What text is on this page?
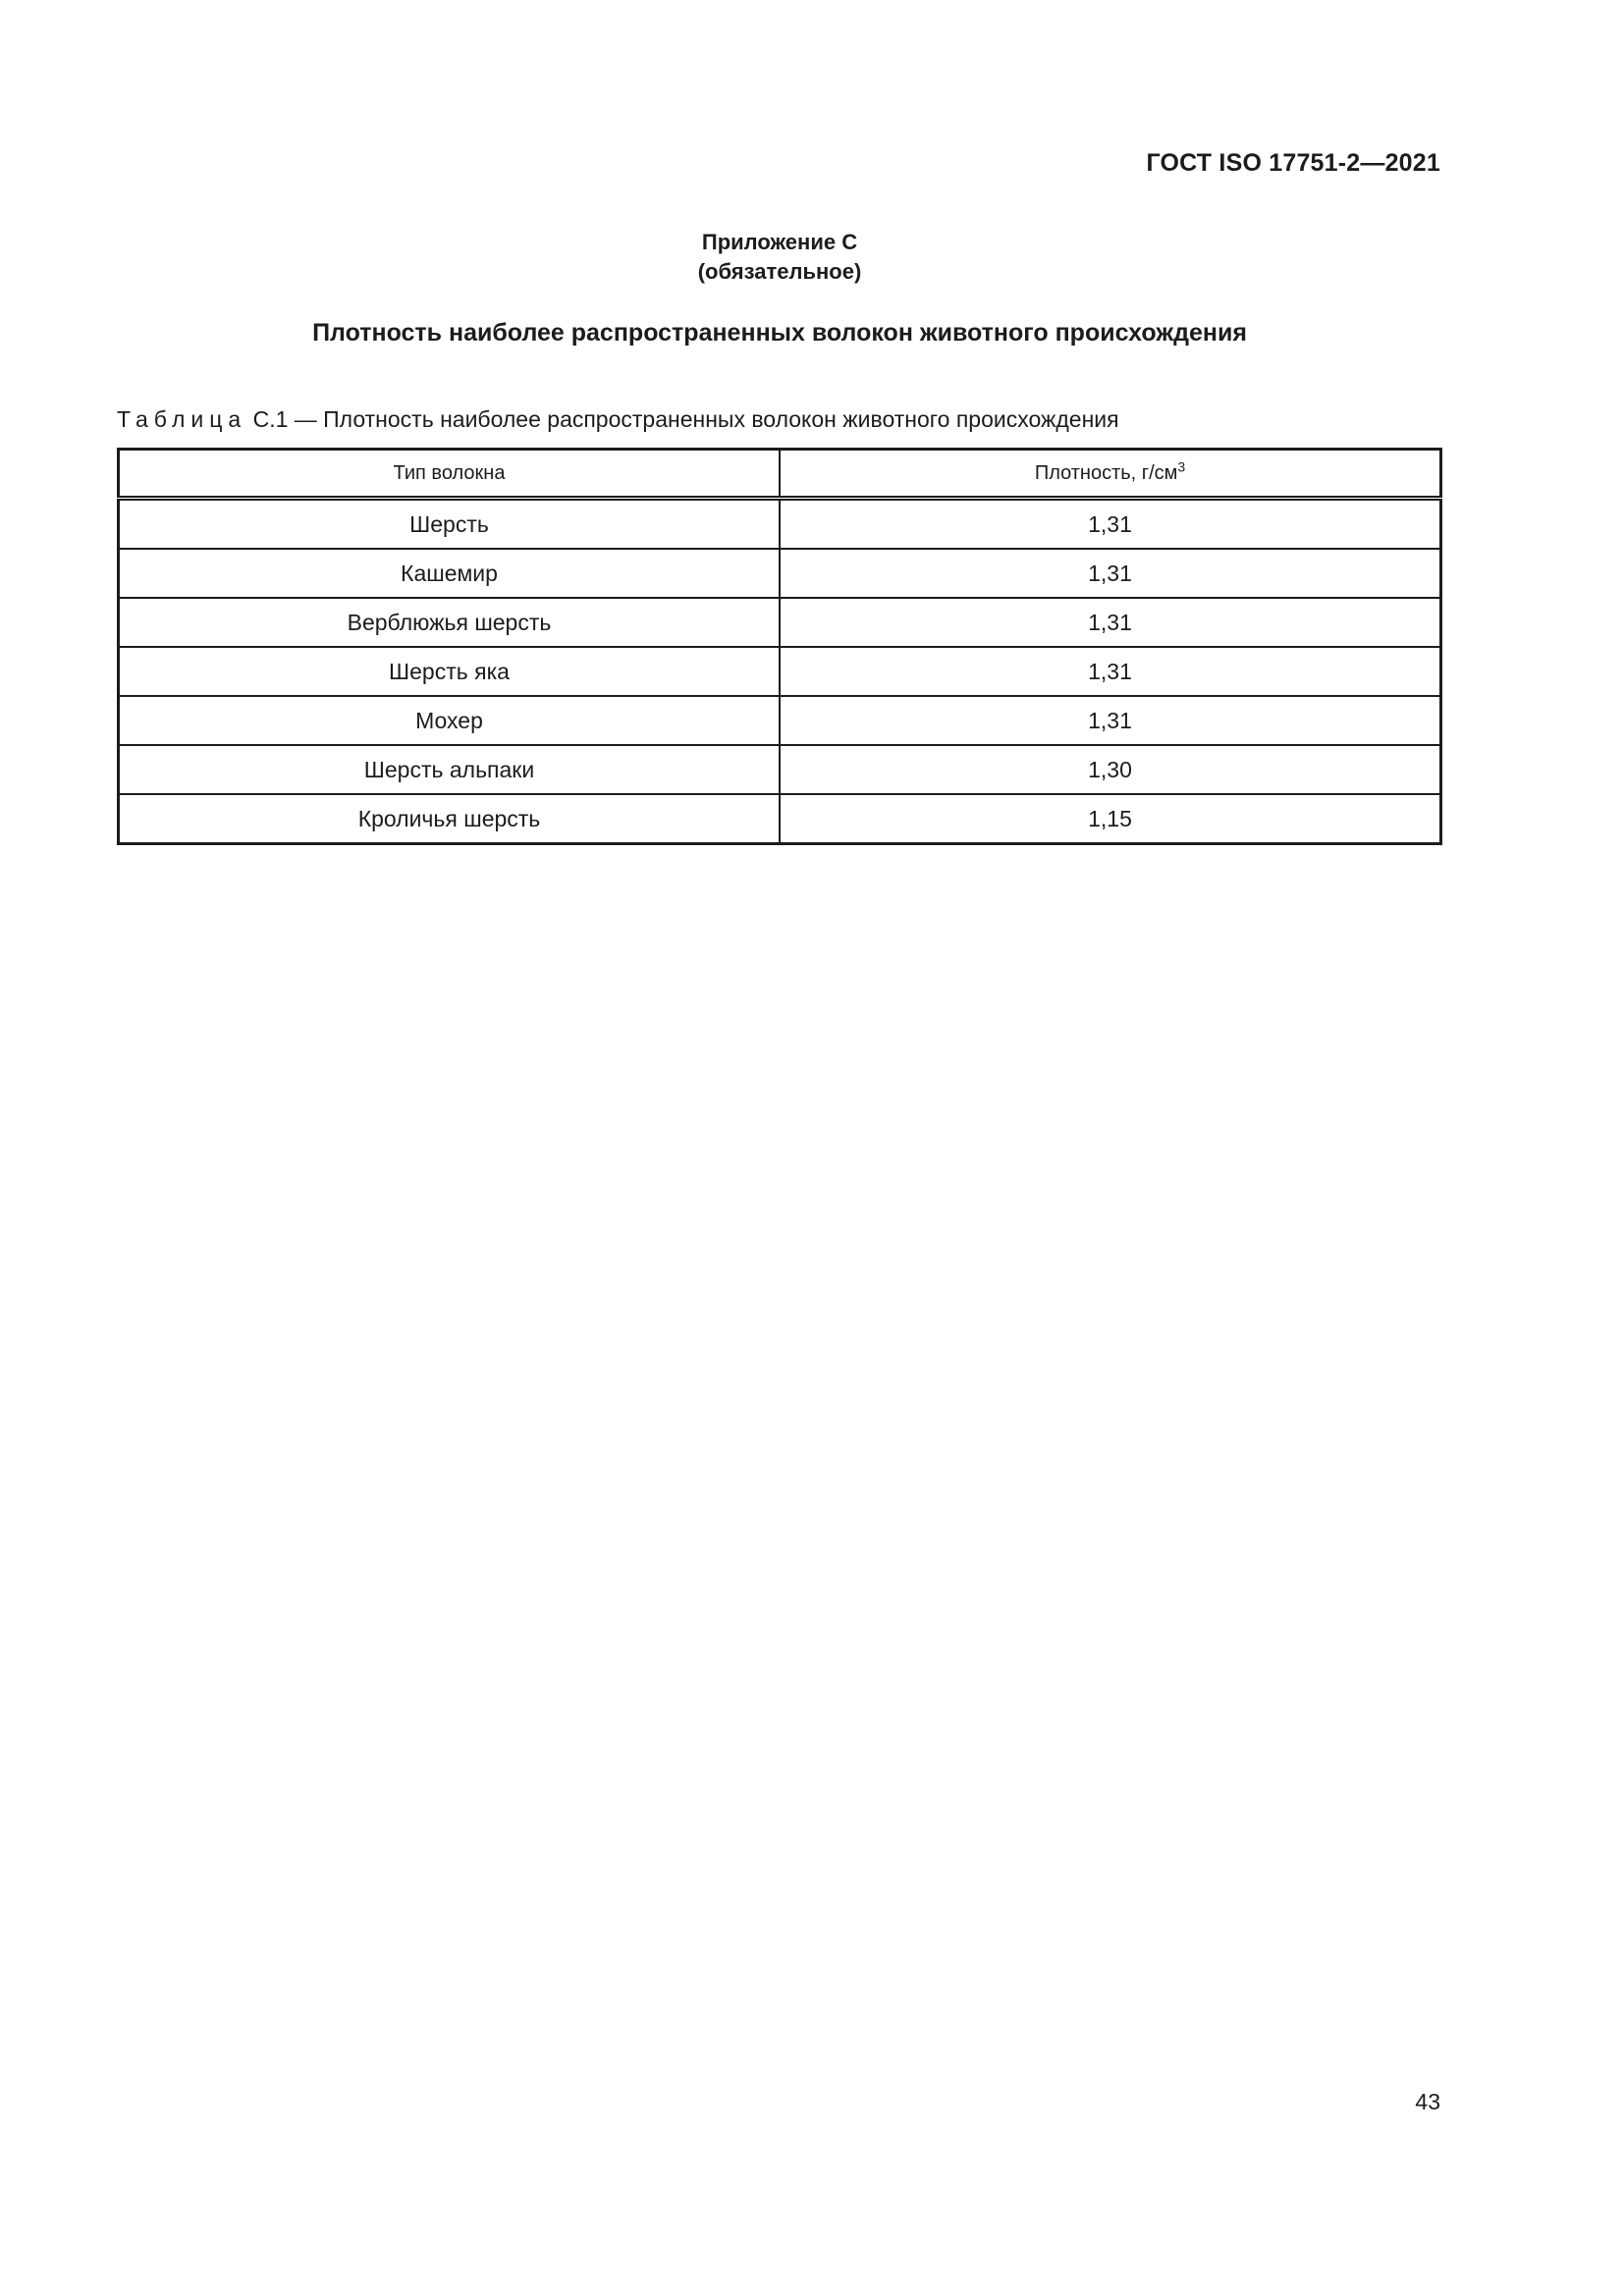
ГОСТ ISO 17751-2—2021
Приложение С
(обязательное)
Плотность наиболее распространенных волокон животного происхождения
Таблица С.1 — Плотность наиболее распространенных волокон животного происхождения
Тип волокна	Плотность, $г/см^3$
Шерсть	1,31
Кашемир	1,31
Верблюжья шерсть	1,31
Шерсть яка	1,31
Мохер	1,31
Шерсть альпаки	1,30
Кроличья шерсть	1,15
43
